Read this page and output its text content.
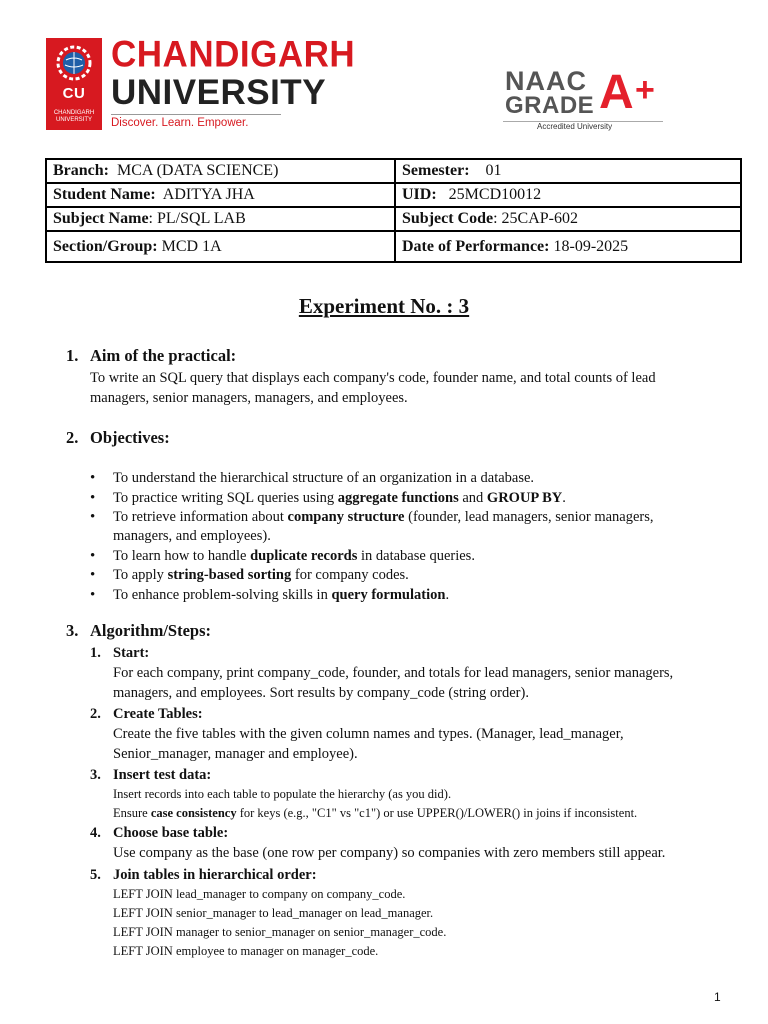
CU
CHANDIGARH UNIVERSITY
CHANDIGARH
UNIVERSITY
Discover. Learn. Empower.
NAAC
GRADE A +
Accredited University
Branch: MCA (DATA SCIENCE)	Semester: 01
Student Name: ADITYA JHA	UID: 25MCD10012
Subject Name: PL/SQL LAB	Subject Code: 25CAP-602
Section/Group: MCD 1A	Date of Performance: 18-09-2025
Experiment No. : 3
1. Aim of the practical:
To write an SQL query that displays each company's code, founder name, and total counts of lead managers, senior managers, managers, and employees.
2. Objectives:
• To understand the hierarchical structure of an organization in a database.
• To practice writing SQL queries using aggregate functions and GROUP BY.
• To retrieve information about company structure (founder, lead managers, senior managers, managers, and employees).
• To learn how to handle duplicate records in database queries.
• To apply string-based sorting for company codes.
• To enhance problem-solving skills in query formulation.
3. Algorithm/Steps:
1. Start:
For each company, print company_code, founder, and totals for lead managers, senior managers, managers, and employees. Sort results by company_code (string order).
2. Create Tables:
Create the five tables with the given column names and types. (Manager, lead_manager, Senior_manager, manager and employee).
3. Insert test data:
Insert records into each table to populate the hierarchy (as you did).
Ensure case consistency for keys (e.g., "C1" vs "c1") or use UPPER()/LOWER() in joins if inconsistent.
4. Choose base table:
Use company as the base (one row per company) so companies with zero members still appear.
5. Join tables in hierarchical order:
LEFT JOIN lead_manager to company on company_code.
LEFT JOIN senior_manager to lead_manager on lead_manager.
LEFT JOIN manager to senior_manager on senior_manager_code.
LEFT JOIN employee to manager on manager_code.
1
